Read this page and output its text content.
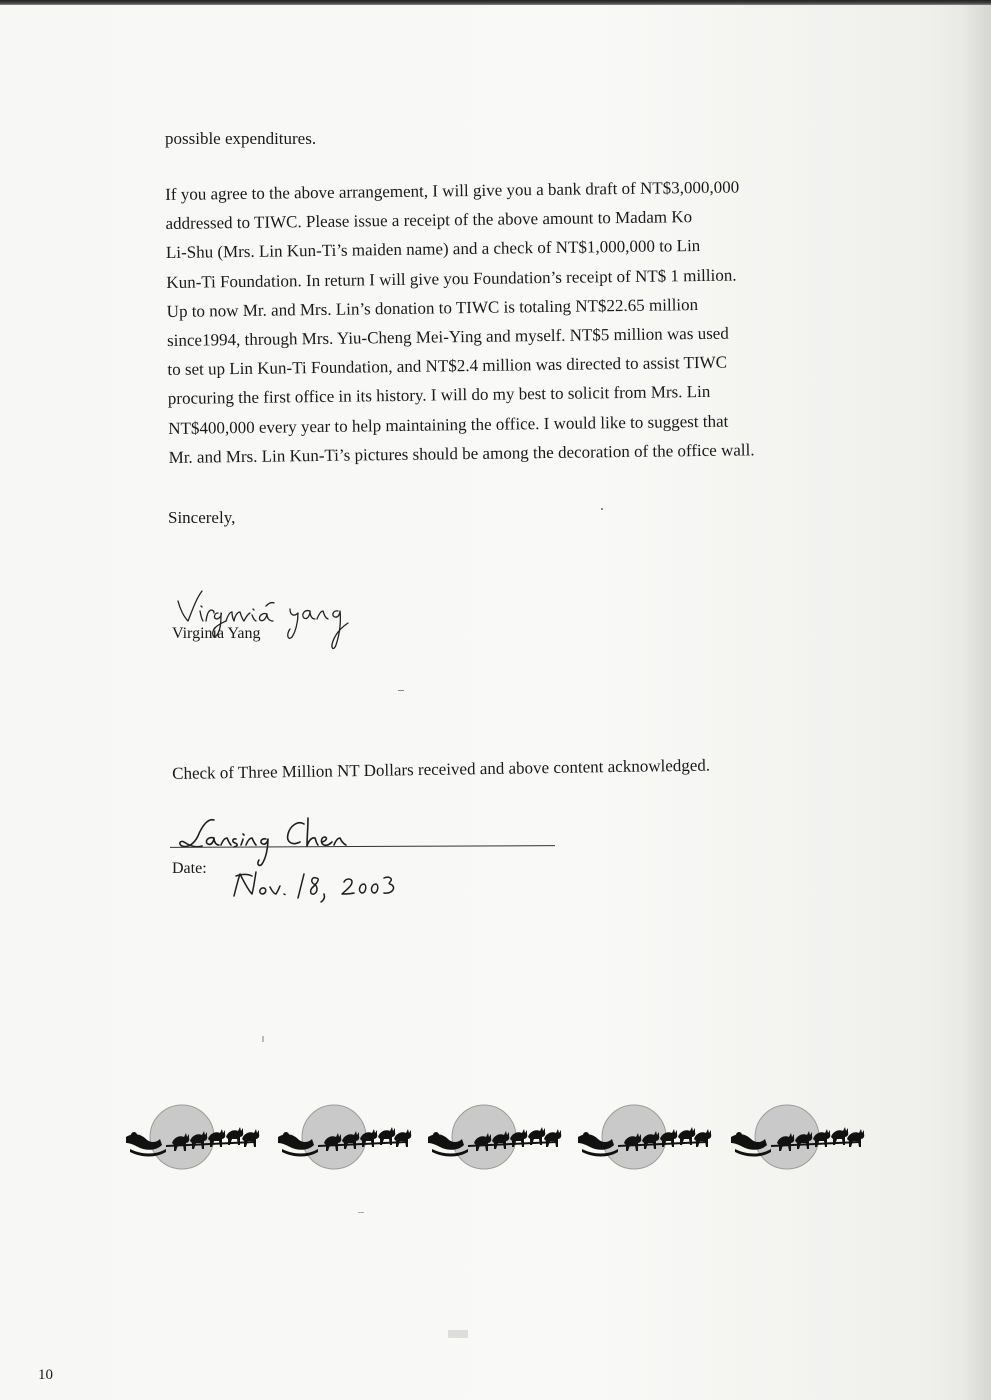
possible expenditures.

If you agree to the above arrangement, I will give you a bank draft of NT$3,000,000
addressed to TIWC. Please issue a receipt of the above amount to Madam Ko
Li-Shu (Mrs. Lin Kun-Ti’s maiden name) and a check of NT$1,000,000 to Lin
Kun-Ti Foundation. In return I will give you Foundation’s receipt of NT$ 1 million.
Up to now Mr. and Mrs. Lin’s donation to TIWC is totaling NT$22.65 million
since1994, through Mrs. Yiu-Cheng Mei-Ying and myself. NT$5 million was used
to set up Lin Kun-Ti Foundation, and NT$2.4 million was directed to assist TIWC
procuring the first office in its history. I will do my best to solicit from Mrs. Lin
NT$400,000 every year to help maintaining the office. I would like to suggest that
Mr. and Mrs. Lin Kun-Ti’s pictures should be among the decoration of the office wall.

Sincerely,
Virginia Yang
Check of Three Million NT Dollars received and above content acknowledged.
Date:
10
